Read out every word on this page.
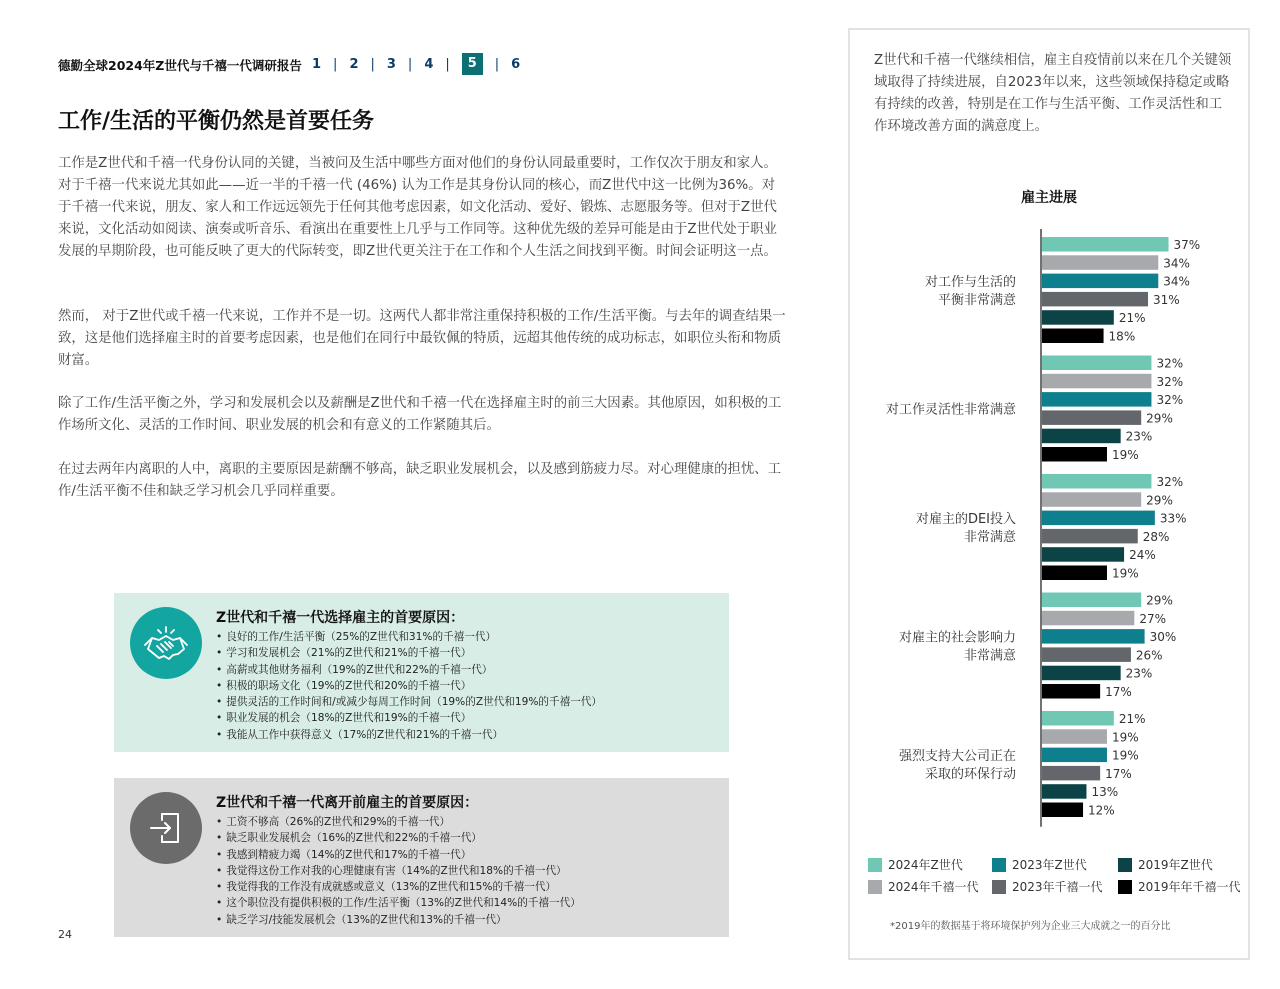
德勤全球2024年Z世代与千禧一代调研报告 1 | 2 | 3 | 4 |	5	| 6
工作/生活的平衡仍然是首要任务

工作是Z世代和千禧一代身份认同的关键，当被问及生活中哪些方面对他们的身份认同最重要时，工作仅次于朋友和家人。对于千禧一代来说尤其如此——近一半的千禧一代 (46%) 认为工作是其身份认同的核心，而Z世代中这一比例为36%。对于千禧一代来说，朋友、家人和工作远远领先于任何其他考虑因素，如文化活动、爱好、锻炼、志愿服务等。但对于Z世代来说，文化活动如阅读、演奏或听音乐、看演出在重要性上几乎与工作同等。这种优先级的差异可能是由于Z世代处于职业发展的早期阶段，也可能反映了更大的代际转变，即Z世代更关注于在工作和个人生活之间找到平衡。时间会证明这一点。

然而， 对于Z世代或千禧一代来说，工作并不是一切。这两代人都非常注重保持积极的工作/生活平衡。与去年的调查结果一致，这是他们选择雇主时的首要考虑因素，也是他们在同行中最钦佩的特质，远超其他传统的成功标志，如职位头衔和物质财富。

除了工作/生活平衡之外，学习和发展机会以及薪酬是Z世代和千禧一代在选择雇主时的前三大因素。其他原因，如积极的工作场所文化、灵活的工作时间、职业发展的机会和有意义的工作紧随其后。

在过去两年内离职的人中，离职的主要原因是薪酬不够高，缺乏职业发展机会，以及感到筋疲力尽。对心理健康的担忧、工作/生活平衡不佳和缺乏学习机会几乎同样重要。

Z世代和千禧一代选择雇主的首要原因：
• 良好的工作/生活平衡（25%的Z世代和31%的千禧一代）
• 学习和发展机会（21%的Z世代和21%的千禧一代）
• 高薪或其他财务福利（19%的Z世代和22%的千禧一代）
• 积极的职场文化（19%的Z世代和20%的千禧一代）
• 提供灵活的工作时间和/或减少每周工作时间（19%的Z世代和19%的千禧一代）
• 职业发展的机会（18%的Z世代和19%的千禧一代）
• 我能从工作中获得意义（17%的Z世代和21%的千禧一代）
Z世代和千禧一代离开前雇主的首要原因：
• 工资不够高（26%的Z世代和29%的千禧一代）
• 缺乏职业发展机会（16%的Z世代和22%的千禧一代）
• 我感到精疲力竭（14%的Z世代和17%的千禧一代）
• 我觉得这份工作对我的心理健康有害（14%的Z世代和18%的千禧一代）
• 我觉得我的工作没有成就感或意义（13%的Z世代和15%的千禧一代）
• 这个职位没有提供积极的工作/生活平衡（13%的Z世代和14%的千禧一代）
• 缺乏学习/技能发展机会（13%的Z世代和13%的千禧一代）
24

Z世代和千禧一代继续相信，雇主自疫情前以来在几个关键领域取得了持续进展，自2023年以来，这些领域保持稳定或略有持续的改善，特别是在工作与生活平衡、工作灵活性和工作环境改善方面的满意度上。

雇主进展
对工作与生活的
平衡非常满意
37%
34%
34%
31%
21%
18%
对工作灵活性非常满意
32%
32%
32%
29%
23%
19%
对雇主的DEI投入
非常满意
32%
29%
33%
28%
24%
19%
对雇主的社会影响力
非常满意
29%
27%
30%
26%
23%
17%
强烈支持大公司正在
采取的环保行动
21%
19%
19%
17%
13%
12%
2024年Z世代
2024年千禧一代
2023年Z世代
2023年千禧一代
2019年Z世代
2019年年千禧一代

*2019年的数据基于将环境保护列为企业三大成就之一的百分比
